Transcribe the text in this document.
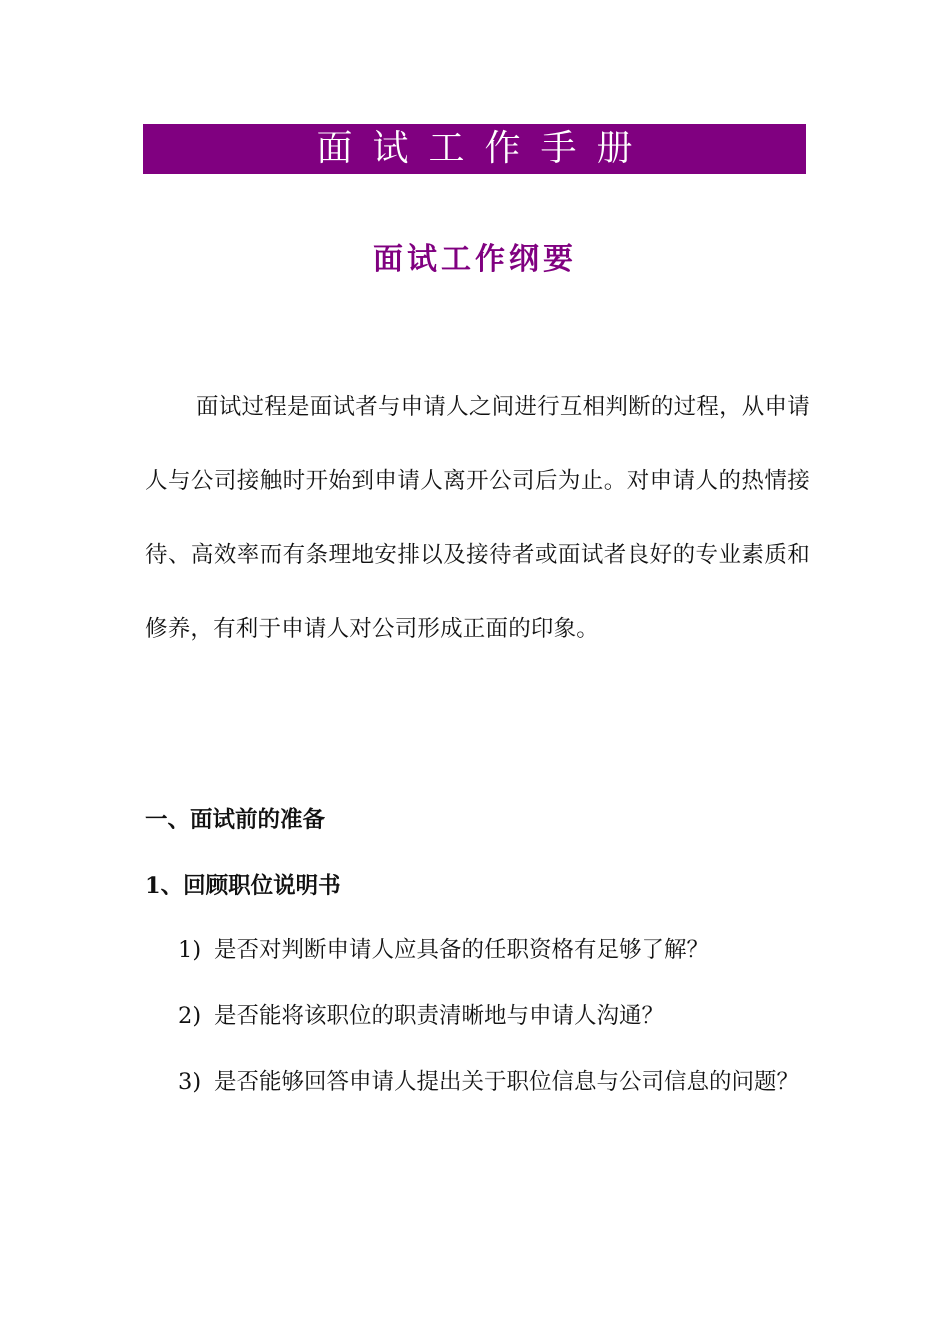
面试工作手册
面试工作纲要

面试过程是面试者与申请人之间进行互相判断的过程，从申请人与公司接触时开始到申请人离开公司后为止。对申请人的热情接待、高效率而有条理地安排以及接待者或面试者良好的专业素质和修养，有利于申请人对公司形成正面的印象。

一、面试前的准备
1、回顾职位说明书
1) 是否对判断申请人应具备的任职资格有足够了解？
2) 是否能将该职位的职责清晰地与申请人沟通？
3) 是否能够回答申请人提出关于职位信息与公司信息的问题？
